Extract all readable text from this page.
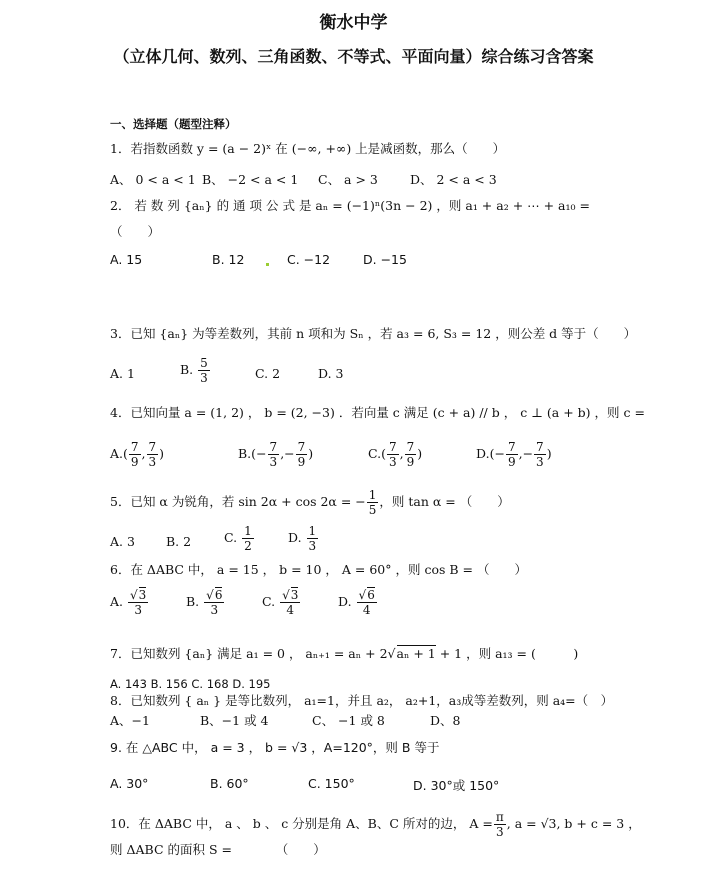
衡水中学
（立体几何、数列、三角函数、不等式、平面向量）综合练习含答案
一、选择题（题型注释）
1．若指数函数 y = (a − 2)ˣ 在 (−∞, +∞) 上是减函数，那么（　　）
A、 0 < a < 1 B、 −2 < a < 1 C、 a > 3	D、 2 < a < 3
2． 若 数 列 {aₙ} 的 通 项 公 式 是 aₙ = (−1)ⁿ(3n − 2) ，则 a₁ + a₂ + ⋯ + a₁₀ =
（　　）
A. 15	B. 12	C. −12	D. −15
3．已知 {aₙ} 为等差数列，其前 n 项和为 Sₙ ，若 a₃ = 6, S₃ = 12 ，则公差 d 等于（　　）
A. 1	B. $\frac{5}{3}$	C. 2	D. 3
4．已知向量 a = (1, 2) ， b = (2, −3) ．若向量 c 满足 (c + a) // b ， c ⊥ (a + b) ，则 c =
$A.( \frac{7}{9}$ , $\frac{7}{3}$ )	$B.(- \frac{7}{3}$ ,− $\frac{7}{9}$ )	$C.( \frac{7}{3}$ , $\frac{7}{9}$ )	$D.(- \frac{7}{9}$ ,− $\frac{7}{3}$ )
5．已知 α 为锐角，若 sin 2α + cos 2α = − $\frac{1}{5}$ ，则 tan α = （　　）
A. 3 B. 2	C. $\frac{1}{2}$	D. $\frac{1}{3}$
6．在 ΔABC 中， a = 15 ， b = 10 ， A = 60° ，则 cos B = （　　）
A. $\frac{√3}{3}$	B. $\frac{√6}{3}$	C. $\frac{√3}{4}$	D. $\frac{√6}{4}$
7．已知数列 {aₙ} 满足 a₁ = 0 ， aₙ₊₁ = aₙ + 2√aₙ + 1 + 1 ，则 a₁₃ = (　　　)
A. 143 B. 156 C. 168 D. 195
8．已知数列 { aₙ } 是等比数列， a₁=1，并且 a₂， a₂+1，a₃成等差数列，则 a₄=（　）
A、−1	B、−1 或 4	C、 −1 或 8	D、8
9. 在 △ABC 中， a = 3 ， b = √3 ，A=120°，则 B 等于
A. 30°	B. 60°	C. 150°	D. 30°或 150°
10．在 ΔABC 中， a 、 b 、 c 分别是角 A、B、C 所对的边， $A = \frac{\pi}{3}$ , a = √3, b + c = 3 ，
则 ΔABC 的面积 S =　　　　（　　）
